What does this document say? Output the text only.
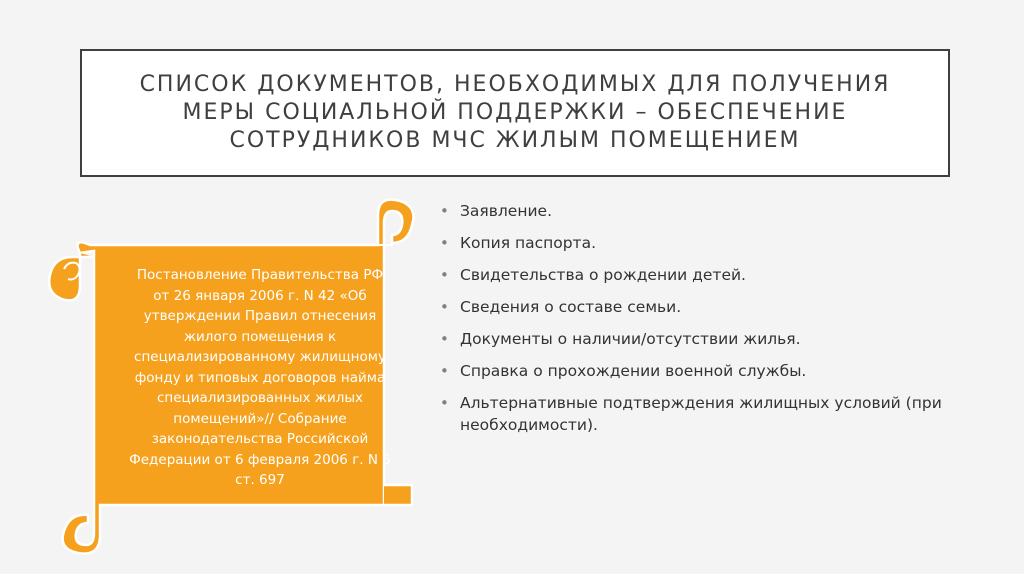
СПИСОК ДОКУМЕНТОВ, НЕОБХОДИМЫХ ДЛЯ ПОЛУЧЕНИЯ МЕРЫ СОЦИАЛЬНОЙ ПОДДЕРЖКИ – ОБЕСПЕЧЕНИЕ СОТРУДНИКОВ МЧС ЖИЛЫМ ПОМЕЩЕНИЕМ

Постановление Правительства РФ от 26 января 2006 г. N 42 «Об утверждении Правил отнесения жилого помещения к специализированному жилищному фонду и типовых договоров найма специализированных жилых помещений»// Собрание законодательства Российской Федерации от 6 февраля 2006 г. N 6 ст. 697

• Заявление.
• Копия паспорта.
• Свидетельства о рождении детей.
• Сведения о составе семьи.
• Документы о наличии/отсутствии жилья.
• Справка о прохождении военной службы.
• Альтернативные подтверждения жилищных условий (при необходимости).
